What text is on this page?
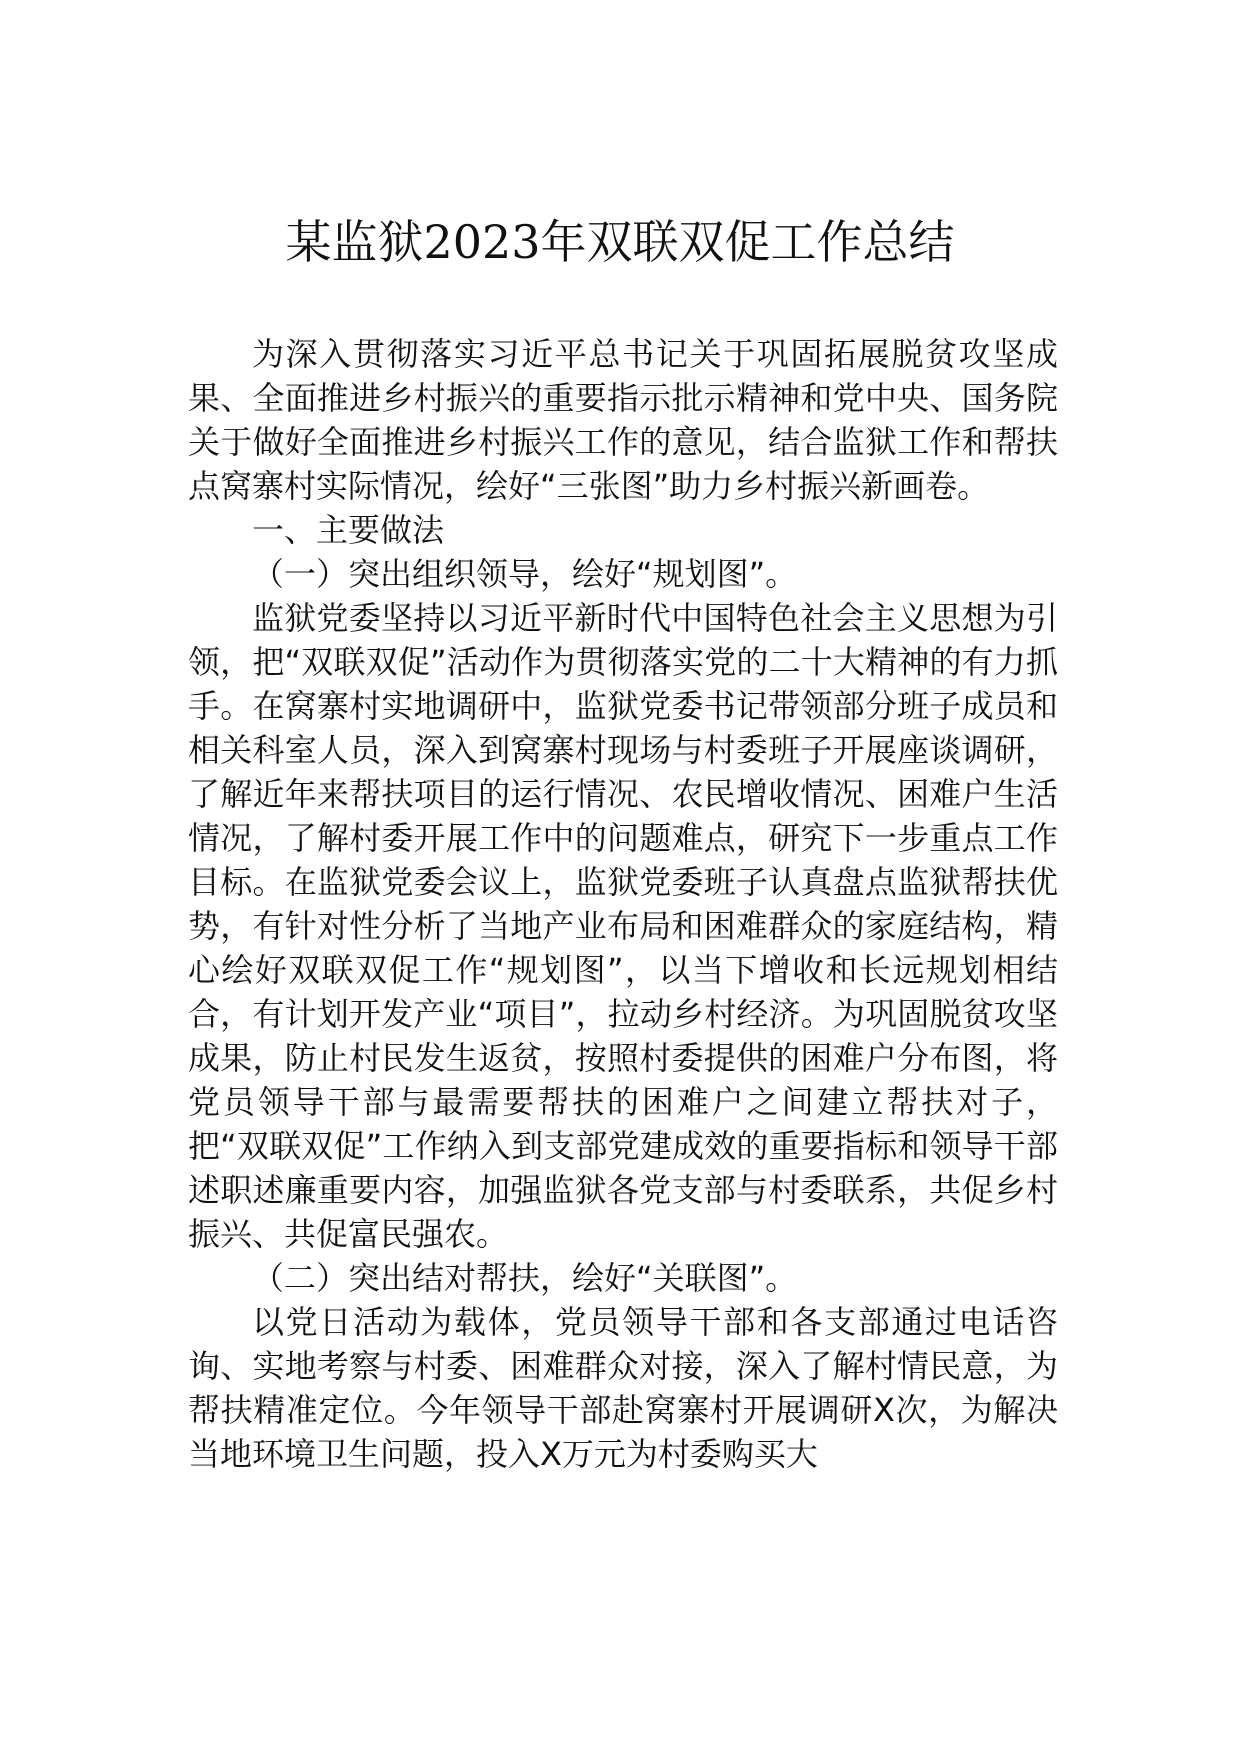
某监狱2023年双联双促工作总结

为深入贯彻落实习近平总书记关于巩固拓展脱贫攻坚成果、全面推进乡村振兴的重要指示批示精神和党中央、国务院关于做好全面推进乡村振兴工作的意见，结合监狱工作和帮扶点窝寨村实际情况，绘好“三张图”助力乡村振兴新画卷。

一、主要做法

（一）突出组织领导，绘好“规划图”。

监狱党委坚持以习近平新时代中国特色社会主义思想为引领，把“双联双促”活动作为贯彻落实党的二十大精神的有力抓手。在窝寨村实地调研中，监狱党委书记带领部分班子成员和相关科室人员，深入到窝寨村现场与村委班子开展座谈调研，了解近年来帮扶项目的运行情况、农民增收情况、困难户生活情况，了解村委开展工作中的问题难点，研究下一步重点工作目标。在监狱党委会议上，监狱党委班子认真盘点监狱帮扶优势，有针对性分析了当地产业布局和困难群众的家庭结构，精心绘好双联双促工作“规划图”，以当下增收和长远规划相结合，有计划开发产业“项目”，拉动乡村经济。为巩固脱贫攻坚成果，防止村民发生返贫，按照村委提供的困难户分布图，将党员领导干部与最需要帮扶的困难户之间建立帮扶对子，把“双联双促”工作纳入到支部党建成效的重要指标和领导干部述职述廉重要内容，加强监狱各党支部与村委联系，共促乡村振兴、共促富民强农。

（二）突出结对帮扶，绘好“关联图”。

以党日活动为载体，党员领导干部和各支部通过电话咨询、实地考察与村委、困难群众对接，深入了解村情民意，为帮扶精准定位。今年领导干部赴窝寨村开展调研X次，为解决当地环境卫生问题，投入X万元为村委购买大
